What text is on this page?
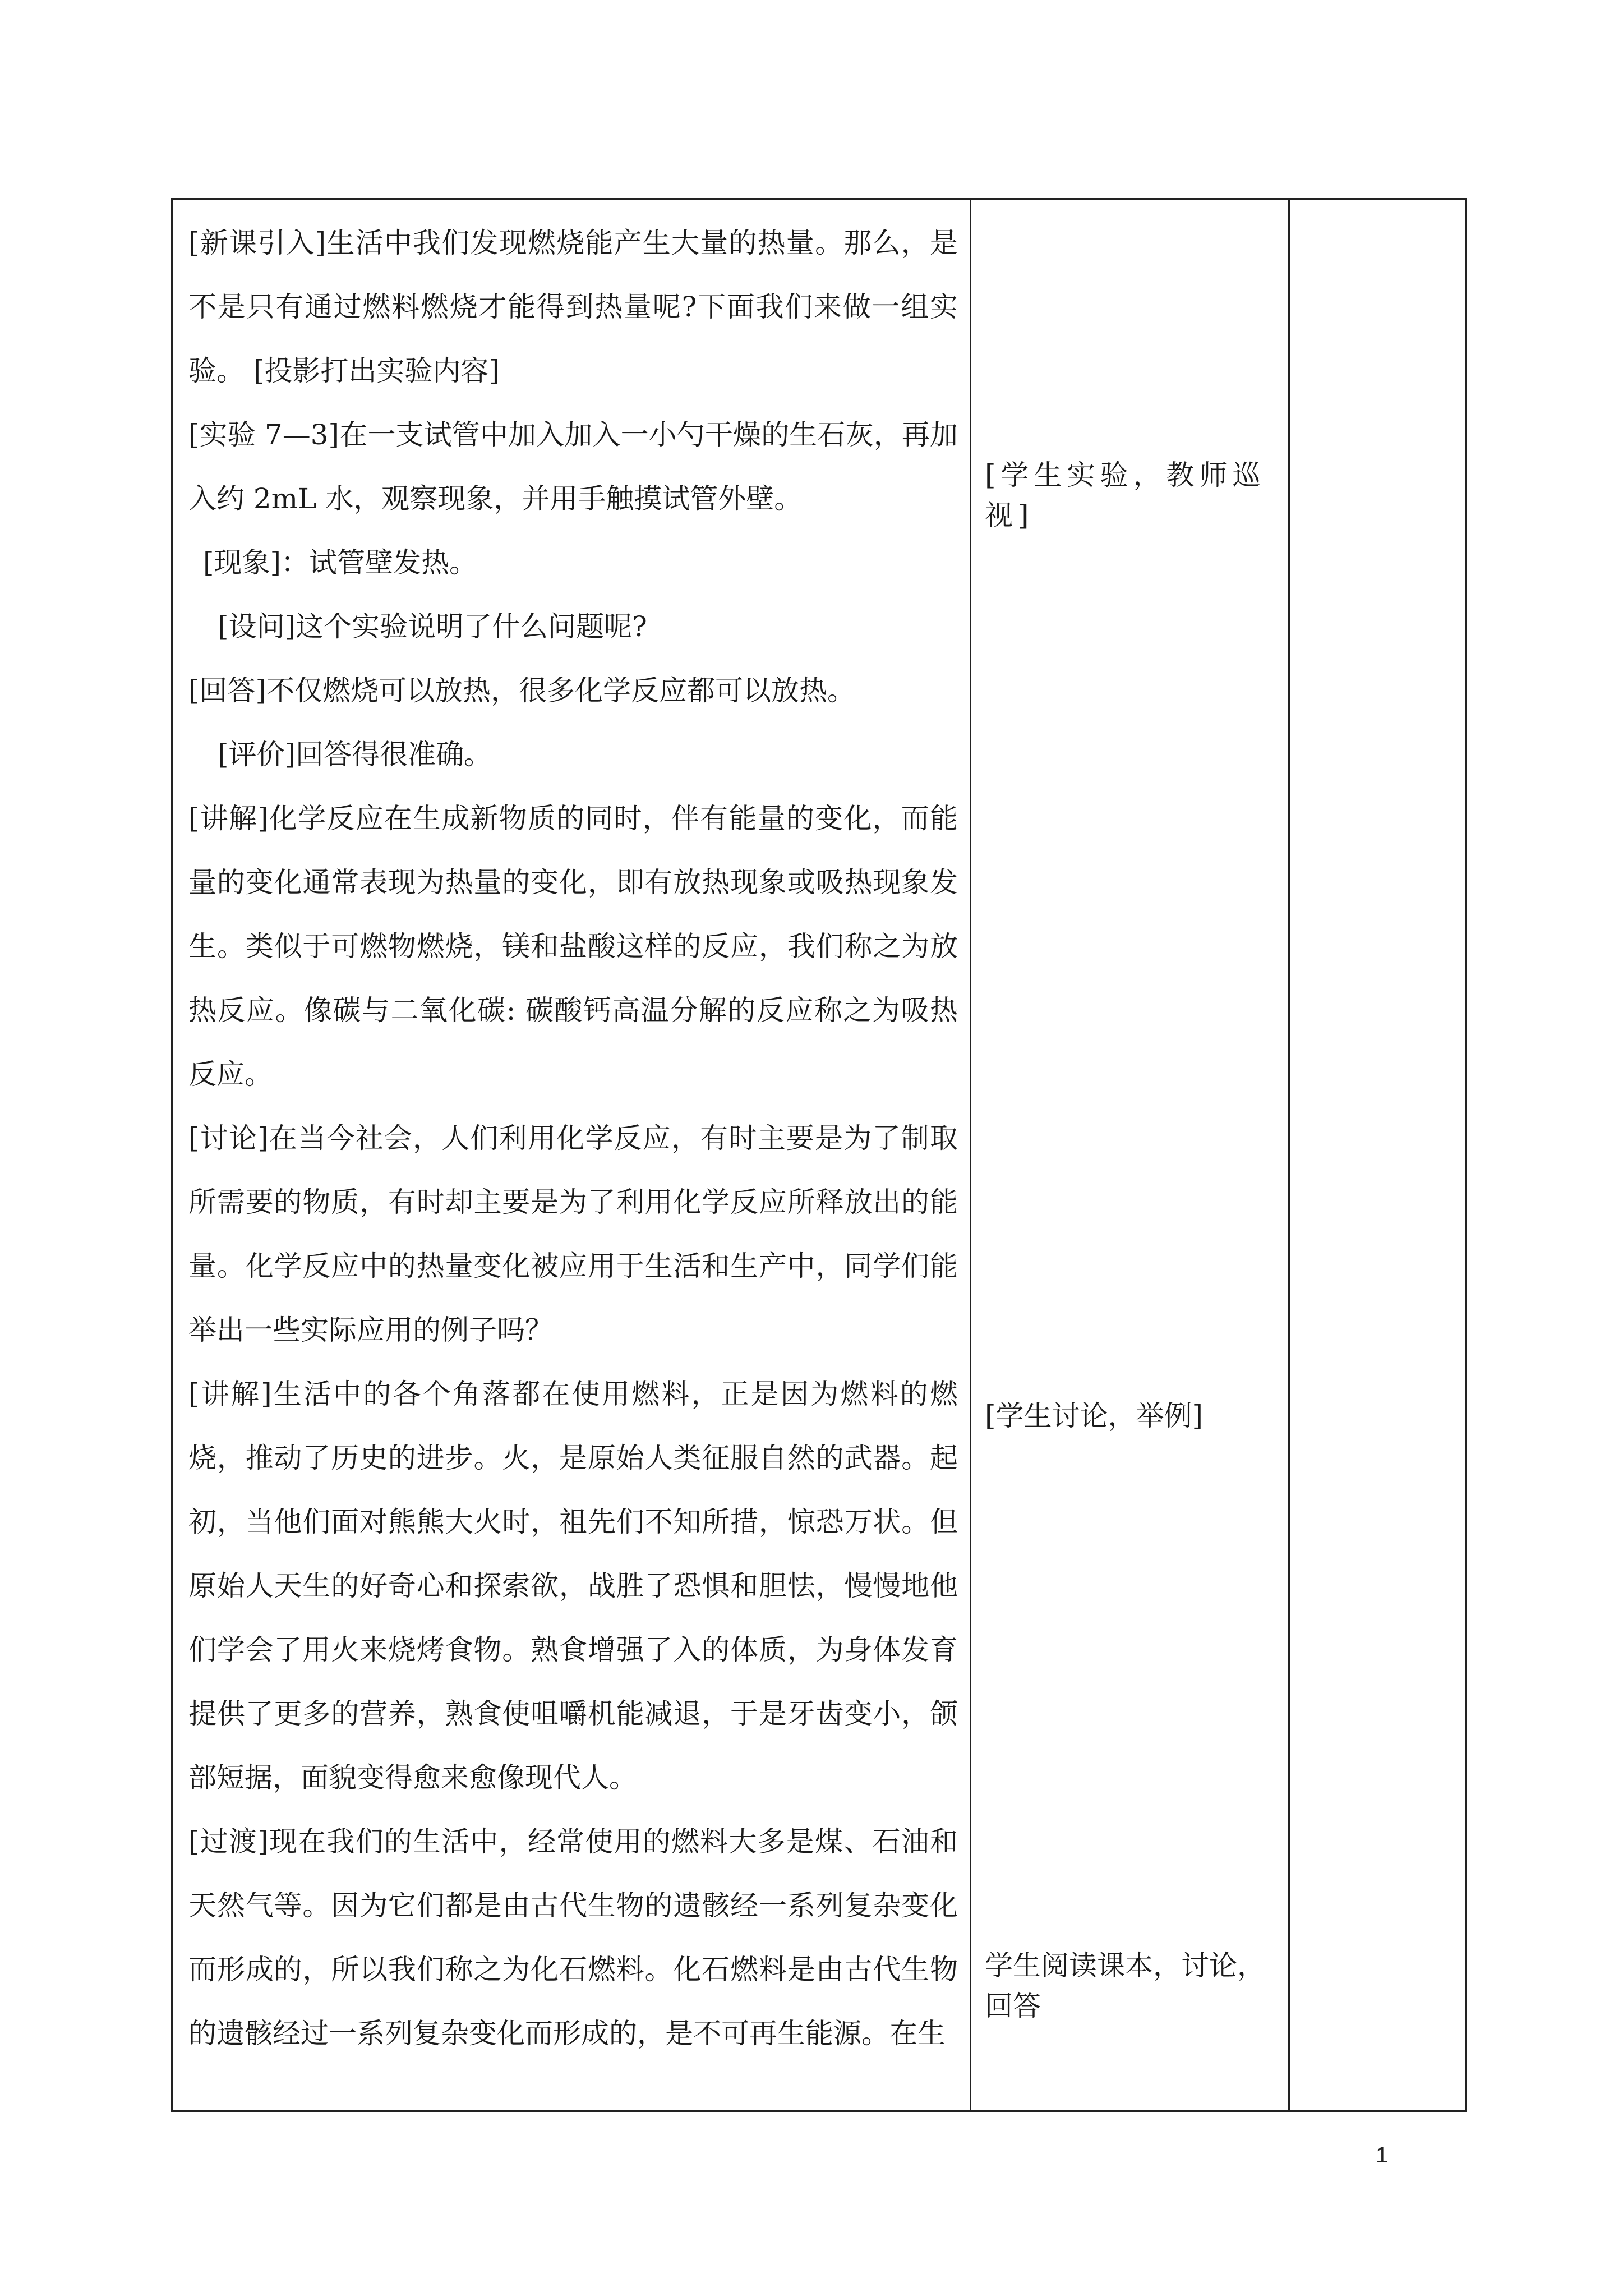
[新课引入]生活中我们发现燃烧能产生大量的热量。那么，是不是只有通过燃料燃烧才能得到热量呢?下面我们来做一组实验。 [投影打出实验内容]

[实验 7—3]在一支试管中加入加入一小勺干燥的生石灰，再加入约 2mL 水，观察现象，并用手触摸试管外壁。

[现象]：试管壁发热。

[设问]这个实验说明了什么问题呢?

[回答]不仅燃烧可以放热，很多化学反应都可以放热。

[评价]回答得很准确。

[讲解]化学反应在生成新物质的同时，伴有能量的变化，而能量的变化通常表现为热量的变化，即有放热现象或吸热现象发生。类似于可燃物燃烧，镁和盐酸这样的反应，我们称之为放热反应。像碳与二氧化碳: 碳酸钙高温分解的反应称之为吸热反应。

[讨论]在当今社会，人们利用化学反应，有时主要是为了制取所需要的物质，有时却主要是为了利用化学反应所释放出的能量。化学反应中的热量变化被应用于生活和生产中，同学们能举出一些实际应用的例子吗？

[讲解]生活中的各个角落都在使用燃料，正是因为燃料的燃烧，推动了历史的进步。火，是原始人类征服自然的武器。起初，当他们面对熊熊大火时，祖先们不知所措，惊恐万状。但原始人天生的好奇心和探索欲，战胜了恐惧和胆怯，慢慢地他们学会了用火来烧烤食物。熟食增强了入的体质，为身体发育提供了更多的营养，熟食使咀嚼机能减退，于是牙齿变小，颌部短据，面貌变得愈来愈像现代人。

[过渡]现在我们的生活中，经常使用的燃料大多是煤、石油和天然气等。因为它们都是由古代生物的遗骸经一系列复杂变化而形成的，所以我们称之为化石燃料。化石燃料是由古代生物的遗骸经过一系列复杂变化而形成的，是不可再生能源。在生

[学生实验，教师巡视]

[学生讨论，举例]

学生阅读课本，讨论，回答

1
